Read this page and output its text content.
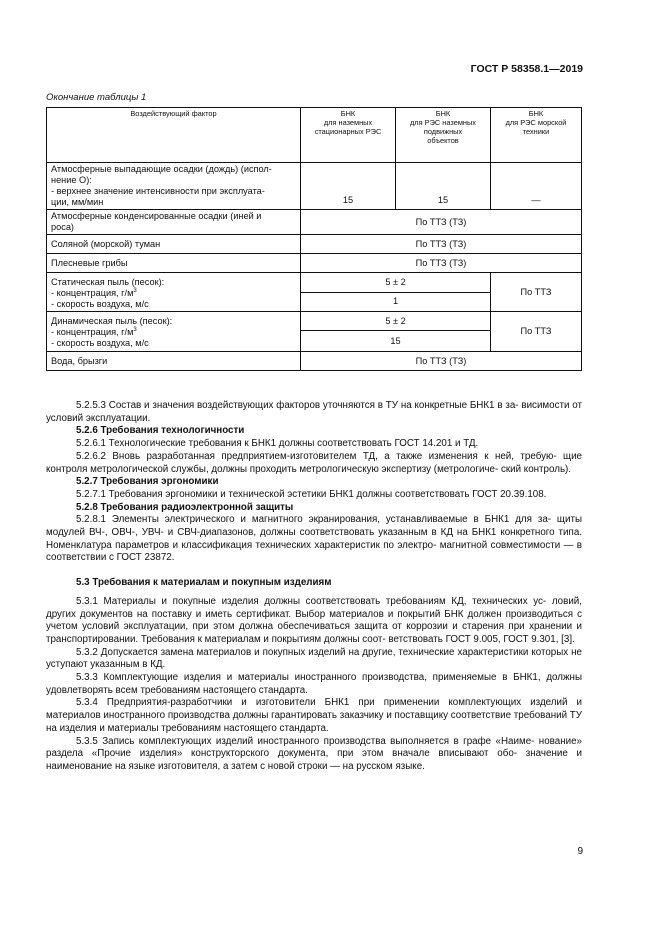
ГОСТ Р 58358.1—2019
Окончание таблицы 1
Воздействующий фактор	БНК
для наземных
стационарных РЭС	БНК
для РЭС наземных
подвижных
объектов	БНК
для РЭС морской
техники
Атмосферные выпадающие осадки (дождь) (испол-
нение О):
- верхнее значение интенсивности при эксплуата-
ции, мм/мин	15	15	—
Атмосферные конденсированные осадки (иней и
роса)	По ТТЗ (ТЗ)		
Соляной (морской) туман	По ТТЗ (ТЗ)		
Плесневые грибы	По ТТЗ (ТЗ)		

Статическая пыль (песок):
- концентрация, $г/м^3$
- скорость воздуха, м/с	5 ± 2		По ТТЗ
	1		

Динамическая пыль (песок):
- концентрация, $г/м^3$
- скорость воздуха, м/с	5 ± 2		По ТТЗ
	15		
Вода, брызги	По ТТЗ (ТЗ)		

5.2.5.3 Состав и значения воздействующих факторов уточняются в ТУ на конкретные БНК1 в за- висимости от условий эксплуатации.

5.2.6 Требования технологичности

5.2.6.1 Технологические требования к БНК1 должны соответствовать ГОСТ 14.201 и ТД.

5.2.6.2 Вновь разработанная предприятием-изготовителем ТД, а также изменения к ней, требую- щие контроля метрологической службы, должны проходить метрологическую экспертизу (метрологиче- ский контроль).

5.2.7 Требования эргономики

5.2.7.1 Требования эргономики и технической эстетики БНК1 должны соответствовать ГОСТ 20.39.108.

5.2.8 Требования радиоэлектронной защиты

5.2.8.1 Элементы электрического и магнитного экранирования, устанавливаемые в БНК1 для за- щиты модулей ВЧ-, ОВЧ-, УВЧ- и СВЧ-диапазонов, должны соответствовать указанным в КД на БНК1 конкретного типа. Номенклатура параметров и классификация технических характеристик по электро- магнитной совместимости — в соответствии с ГОСТ 23872.

5.3 Требования к материалам и покупным изделиям

5.3.1 Материалы и покупные изделия должны соответствовать требованиям КД, технических ус- ловий, других документов на поставку и иметь сертификат. Выбор материалов и покрытий БНК должен производиться с учетом условий эксплуатации, при этом должна обеспечиваться защита от коррозии и старения при хранении и транспортировании. Требования к материалам и покрытиям должны соот- ветствовать ГОСТ 9.005, ГОСТ 9.301, [3].

5.3.2 Допускается замена материалов и покупных изделий на другие, технические характеристики которых не уступают указанным в КД.

5.3.3 Комплектующие изделия и материалы иностранного производства, применяемые в БНК1, должны удовлетворять всем требованиям настоящего стандарта.

5.3.4 Предприятия-разработчики и изготовители БНК1 при применении комплектующих изделий и материалов иностранного производства должны гарантировать заказчику и поставщику соответствие требований ТУ на изделия и материалы требованиям настоящего стандарта.

5.3.5 Запись комплектующих изделий иностранного производства выполняется в графе «Наиме- нование» раздела «Прочие изделия» конструкторского документа, при этом вначале вписывают обо- значение и наименование на языке изготовителя, а затем с новой строки — на русском языке.

9
